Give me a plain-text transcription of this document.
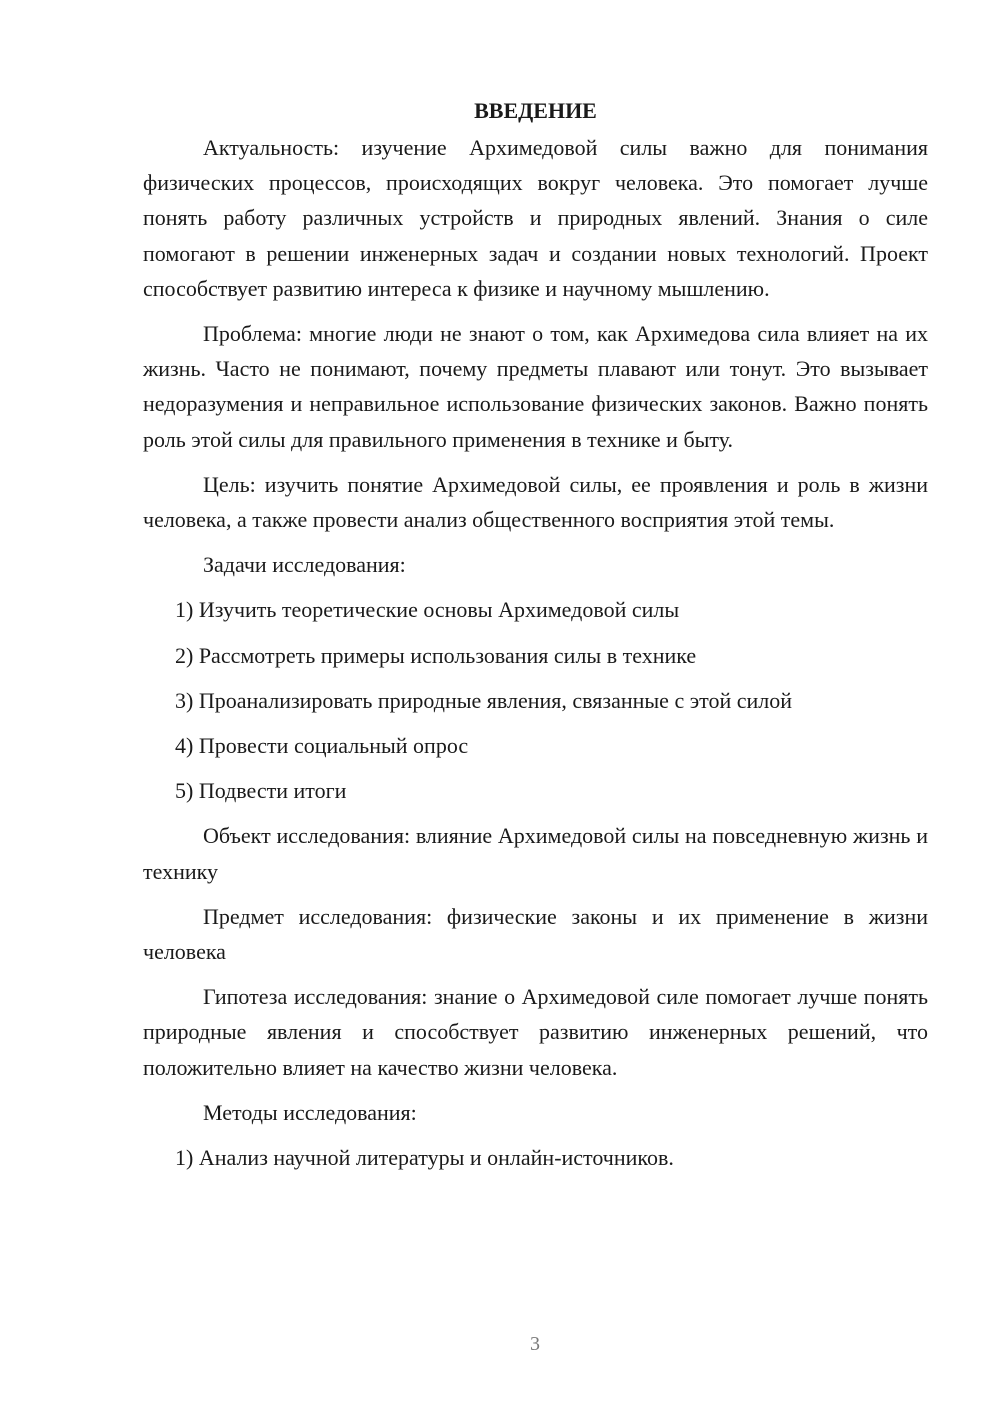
ВВЕДЕНИЕ

Актуальность: изучение Архимедовой силы важно для понимания физических процессов, происходящих вокруг человека. Это помогает лучше понять работу различных устройств и природных явлений. Знания о силе помогают в решении инженерных задач и создании новых технологий. Проект способствует развитию интереса к физике и научному мышлению.

Проблема: многие люди не знают о том, как Архимедова сила влияет на их жизнь. Часто не понимают, почему предметы плавают или тонут. Это вызывает недоразумения и неправильное использование физических законов. Важно понять роль этой силы для правильного применения в технике и быту.

Цель: изучить понятие Архимедовой силы, ее проявления и роль в жизни человека, а также провести анализ общественного восприятия этой темы.

Задачи исследования:

1) Изучить теоретические основы Архимедовой силы
2) Рассмотреть примеры использования силы в технике
3) Проанализировать природные явления, связанные с этой силой
4) Провести социальный опрос
5) Подвести итоги

Объект исследования: влияние Архимедовой силы на повседневную жизнь и технику

Предмет исследования: физические законы и их применение в жизни человека

Гипотеза исследования: знание о Архимедовой силе помогает лучше понять природные явления и способствует развитию инженерных решений, что положительно влияет на качество жизни человека.

Методы исследования:

1) Анализ научной литературы и онлайн-источников.
3
